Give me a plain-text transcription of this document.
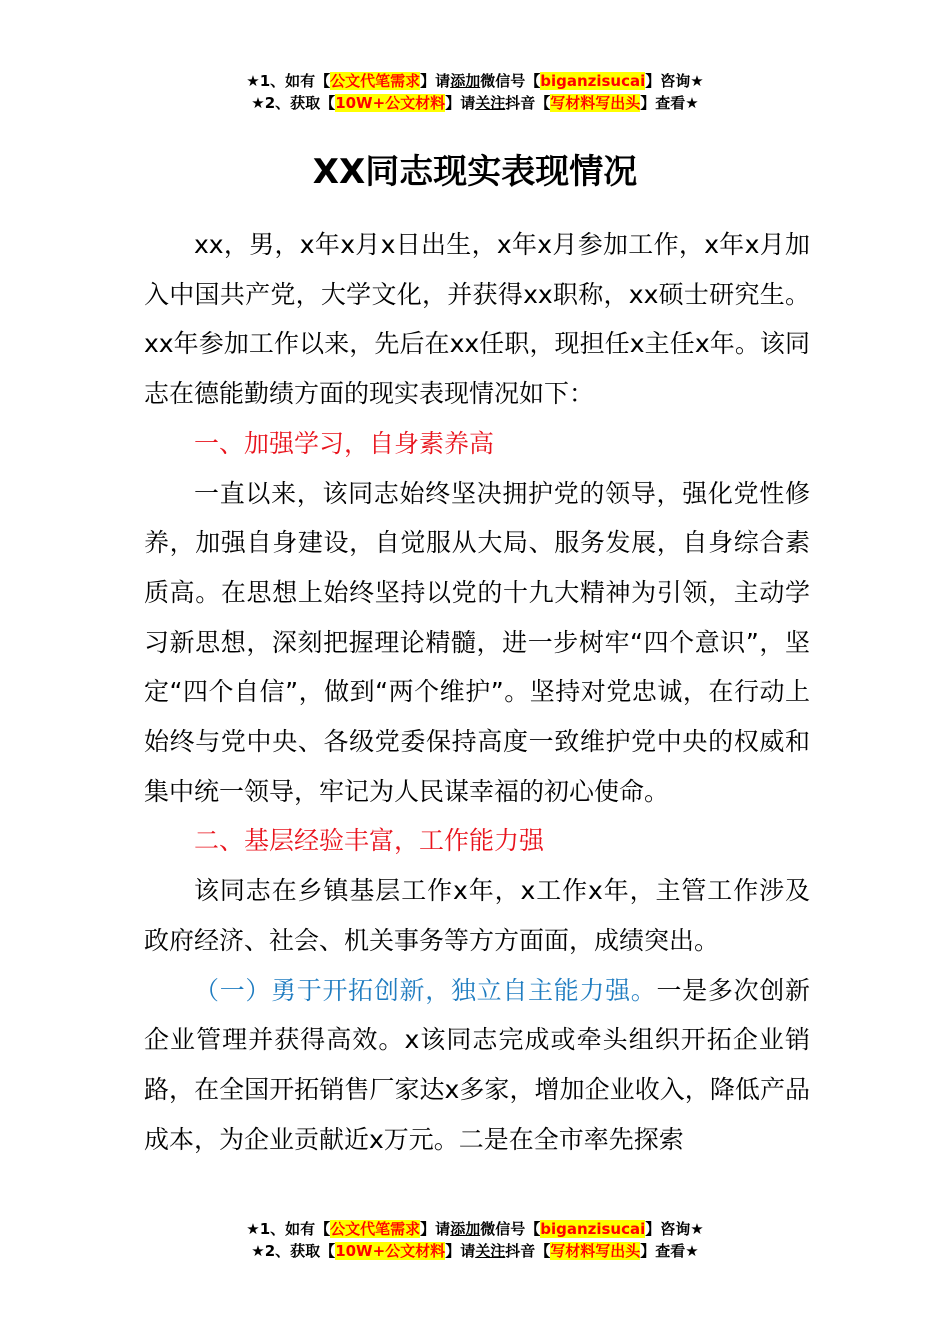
★1、如有【公文代笔需求】请添加微信号【biganzisucai】咨询★
★2、获取【10W+公文材料】请关注抖音【写材料写出头】查看★
XX同志现实表现情况

xx，男，x年x月x日出生，x年x月参加工作，x年x月加入中国共产党，大学文化，并获得xx职称，xx硕士研究生。xx年参加工作以来，先后在xx任职，现担任x主任x年。该同志在德能勤绩方面的现实表现情况如下：

一、加强学习，自身素养高

一直以来，该同志始终坚决拥护党的领导，强化党性修养，加强自身建设，自觉服从大局、服务发展，自身综合素质高。在思想上始终坚持以党的十九大精神为引领，主动学习新思想，深刻把握理论精髓，进一步树牢“四个意识”，坚定“四个自信”，做到“两个维护”。坚持对党忠诚，在行动上始终与党中央、各级党委保持高度一致维护党中央的权威和集中统一领导，牢记为人民谋幸福的初心使命。

二、基层经验丰富，工作能力强

该同志在乡镇基层工作x年，x工作x年，主管工作涉及政府经济、社会、机关事务等方方面面，成绩突出。

（一）勇于开拓创新，独立自主能力强。一是多次创新企业管理并获得高效。x该同志完成或牵头组织开拓企业销路，在全国开拓销售厂家达x多家，增加企业收入，降低产品成本，为企业贡献近x万元。二是在全市率先探索

★1、如有【公文代笔需求】请添加微信号【biganzisucai】咨询★
★2、获取【10W+公文材料】请关注抖音【写材料写出头】查看★
